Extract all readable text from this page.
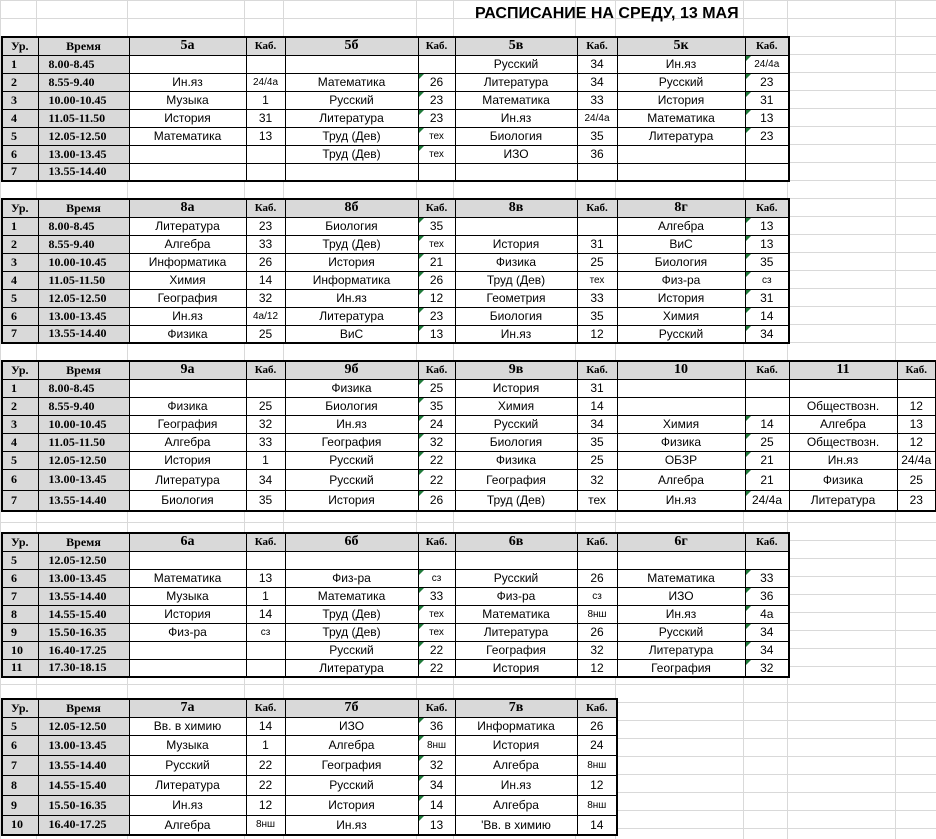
РАСПИСАНИЕ НА СРЕДУ, 13 МАЯ
Ур.	Время	5а	Каб.	5б	Каб.	5в	Каб.	5к	Каб.
1	8.00-8.45					Русский	34	Ин.яз	24/4а
2	8.55-9.40	Ин.яз	24/4а	Математика	26	Литература	34	Русский	23
3	10.00-10.45	Музыка	1	Русский	23	Математика	33	История	31
4	11.05-11.50	История	31	Литература	23	Ин.яз	24/4а	Математика	13
5	12.05-12.50	Математика	13	Труд (Дев)	тех	Биология	35	Литература	23
6	13.00-13.45			Труд (Дев)	тех	ИЗО	36		
7	13.55-14.40								
Ур.	Время	8а	Каб.	8б	Каб.	8в	Каб.	8г	Каб.
1	8.00-8.45	Литература	23	Биология	35			Алгебра	13
2	8.55-9.40	Алгебра	33	Труд (Дев)	тех	История	31	ВиС	13
3	10.00-10.45	Информатика	26	История	21	Физика	25	Биология	35
4	11.05-11.50	Химия	14	Информатика	26	Труд (Дев)	тех	Физ-ра	сз
5	12.05-12.50	География	32	Ин.яз	12	Геометрия	33	История	31
6	13.00-13.45	Ин.яз	4а/12	Литература	23	Биология	35	Химия	14
7	13.55-14.40	Физика	25	ВиС	13	Ин.яз	12	Русский	34
Ур.	Время	9а	Каб.	9б	Каб.	9в	Каб.	10	Каб.	11	Каб.
1	8.00-8.45			Физика	25	История	31				
2	8.55-9.40	Физика	25	Биология	35	Химия	14			Обществозн.	12
3	10.00-10.45	География	32	Ин.яз	24	Русский	34	Химия	14	Алгебра	13
4	11.05-11.50	Алгебра	33	География	32	Биология	35	Физика	25	Обществозн.	12
5	12.05-12.50	История	1	Русский	22	Физика	25	ОБЗР	21	Ин.яз	24/4а
6	13.00-13.45	Литература	34	Русский	22	География	32	Алгебра	21	Физика	25
7	13.55-14.40	Биология	35	История	26	Труд (Дев)	тех	Ин.яз	24/4а	Литература	23
Ур.	Время	6а	Каб.	6б	Каб.	6в	Каб.	6г	Каб.
5	12.05-12.50								
6	13.00-13.45	Математика	13	Физ-ра	сз	Русский	26	Математика	33
7	13.55-14.40	Музыка	1	Математика	33	Физ-ра	сз	ИЗО	36
8	14.55-15.40	История	14	Труд (Дев)	тех	Математика	8нш	Ин.яз	4а
9	15.50-16.35	Физ-ра	сз	Труд (Дев)	тех	Литература	26	Русский	34
10	16.40-17.25			Русский	22	География	32	Литература	34
11	17.30-18.15			Литература	22	История	12	География	32
Ур.	Время	7а	Каб.	7б	Каб.	7в	Каб.
5	12.05-12.50	Вв. в химию	14	ИЗО	36	Информатика	26
6	13.00-13.45	Музыка	1	Алгебра	8нш	История	24
7	13.55-14.40	Русский	22	География	32	Алгебра	8нш
8	14.55-15.40	Литература	22	Русский	34	Ин.яз	12
9	15.50-16.35	Ин.яз	12	История	14	Алгебра	8нш
10	16.40-17.25	Алгебра	8нш	Ин.яз	13	'Вв. в химию	14
